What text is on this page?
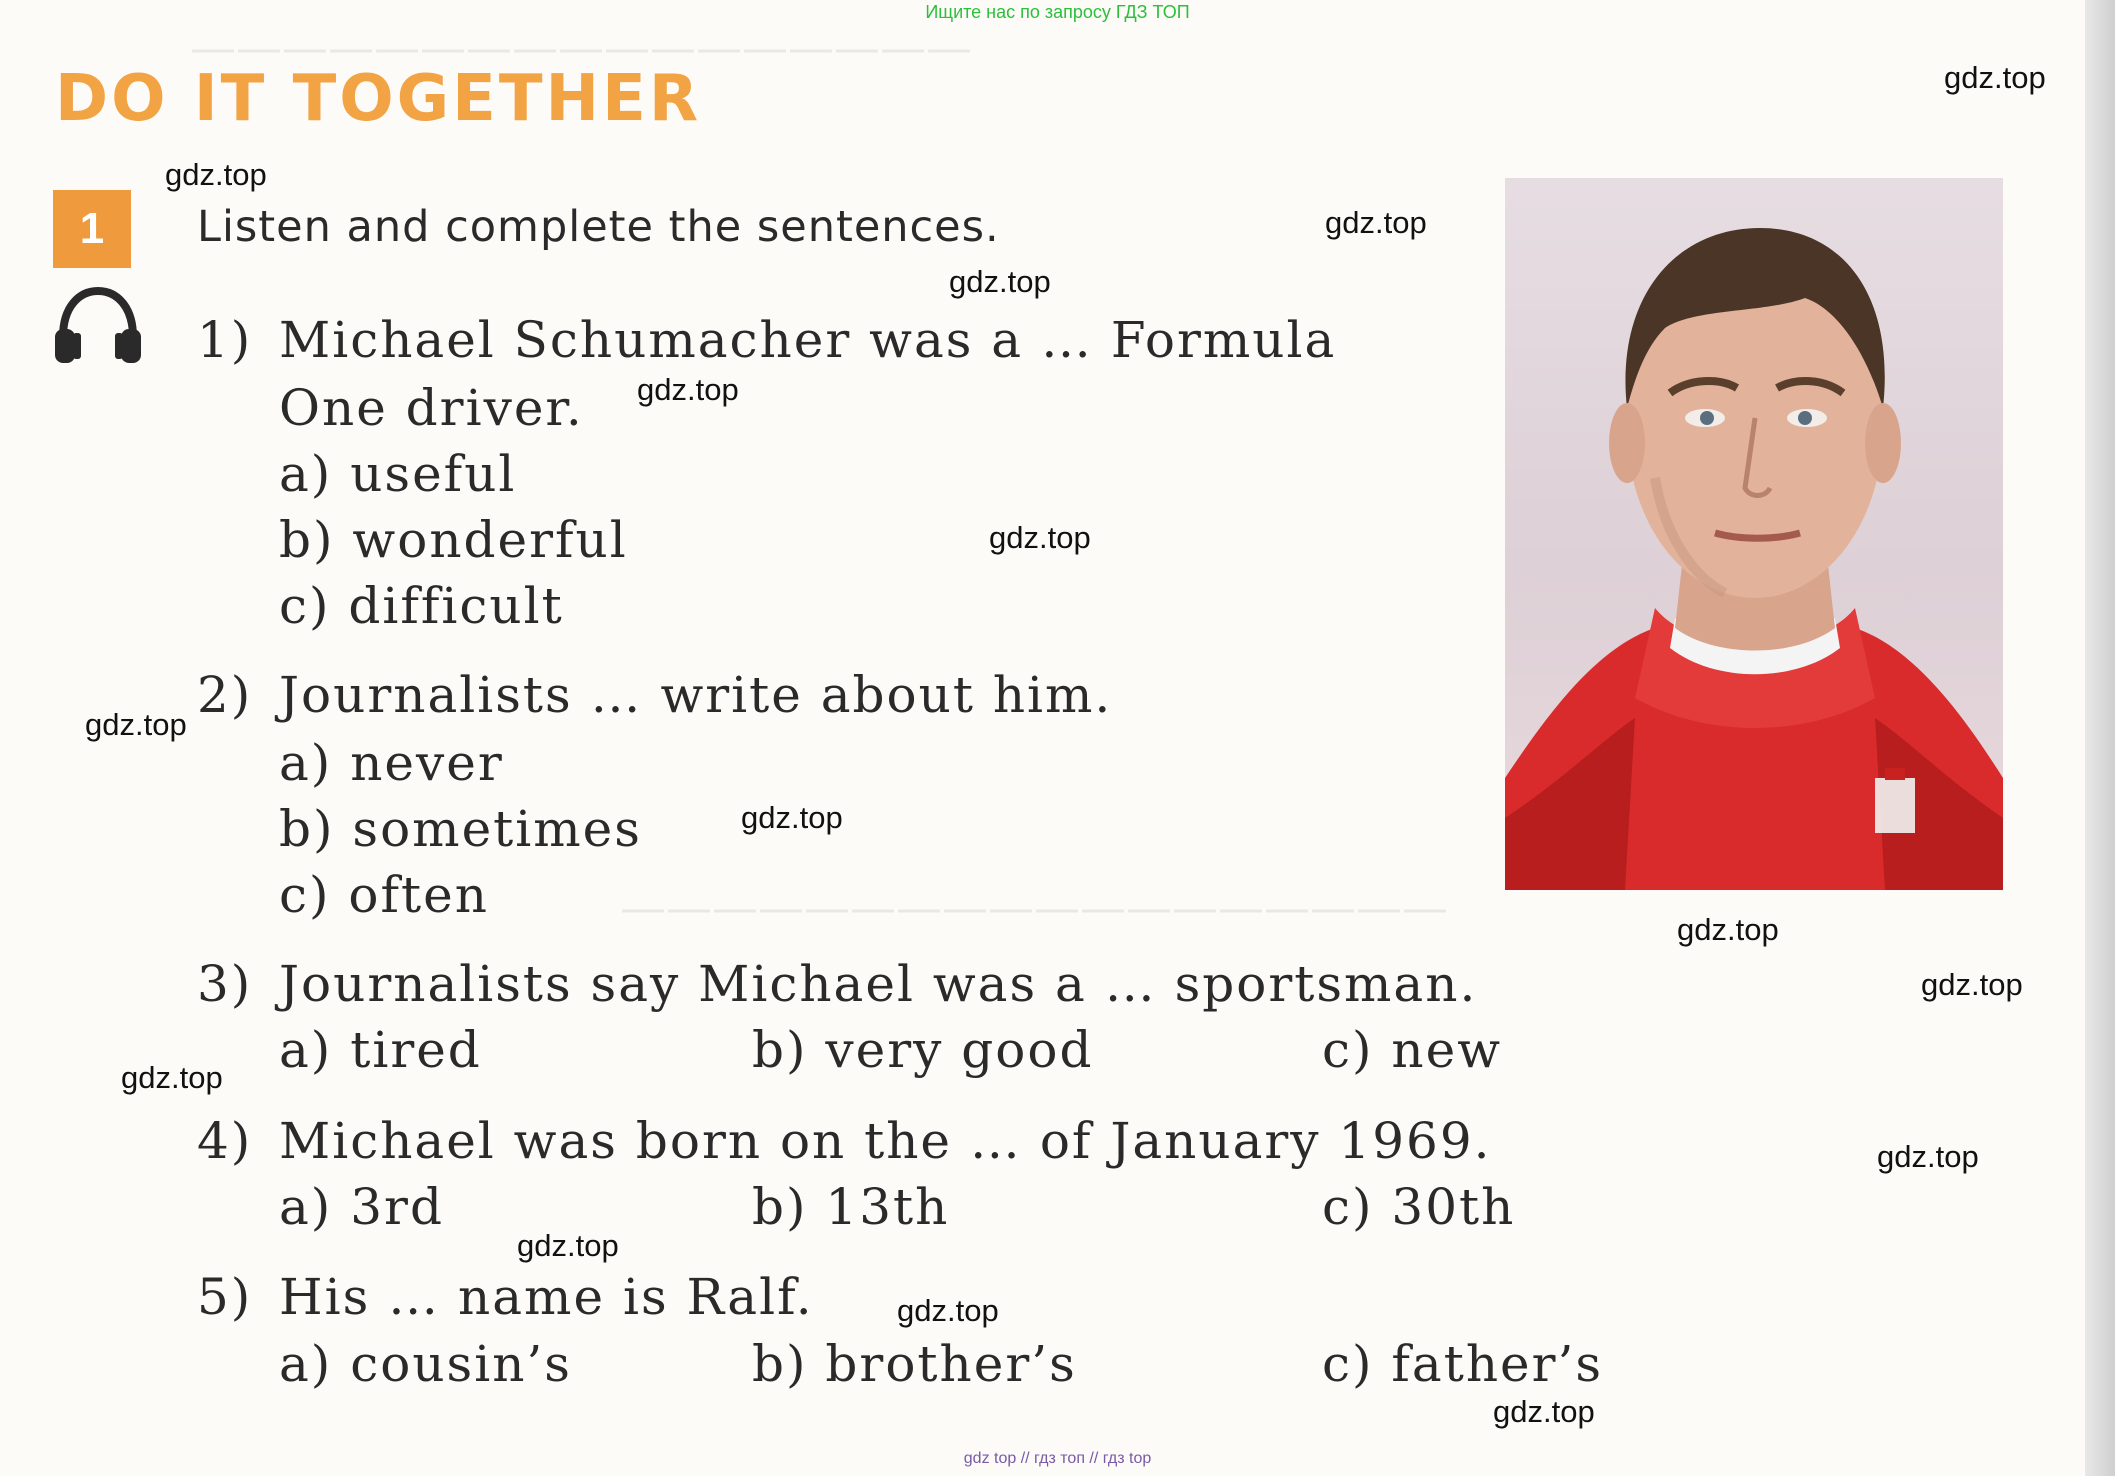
Ищите нас по запросу ГДЗ ТОП
gdz top // гдз топ // гдз top
—————————————————
——————————————————
DO IT TOGETHER
1	Listen and complete the sentences.
1) Michael Schumacher was a … Formula
One driver.
a) useful
b) wonderful
c) difficult
2) Journalists … write about him.
a) never
b) sometimes
c) often
3) Journalists say Michael was a … sportsman.
a) tired	b) very good	c) new
4) Michael was born on the … of January 1969.
a) 3rd	b) 13th	c) 30th
5) His … name is Ralf.
a) cousin’s	b) brother’s	c) father’s
gdz.top
gdz.top
gdz.top
gdz.top
gdz.top
gdz.top
gdz.top
gdz.top
gdz.top
gdz.top
gdz.top
gdz.top
gdz.top
gdz.top
gdz.top
